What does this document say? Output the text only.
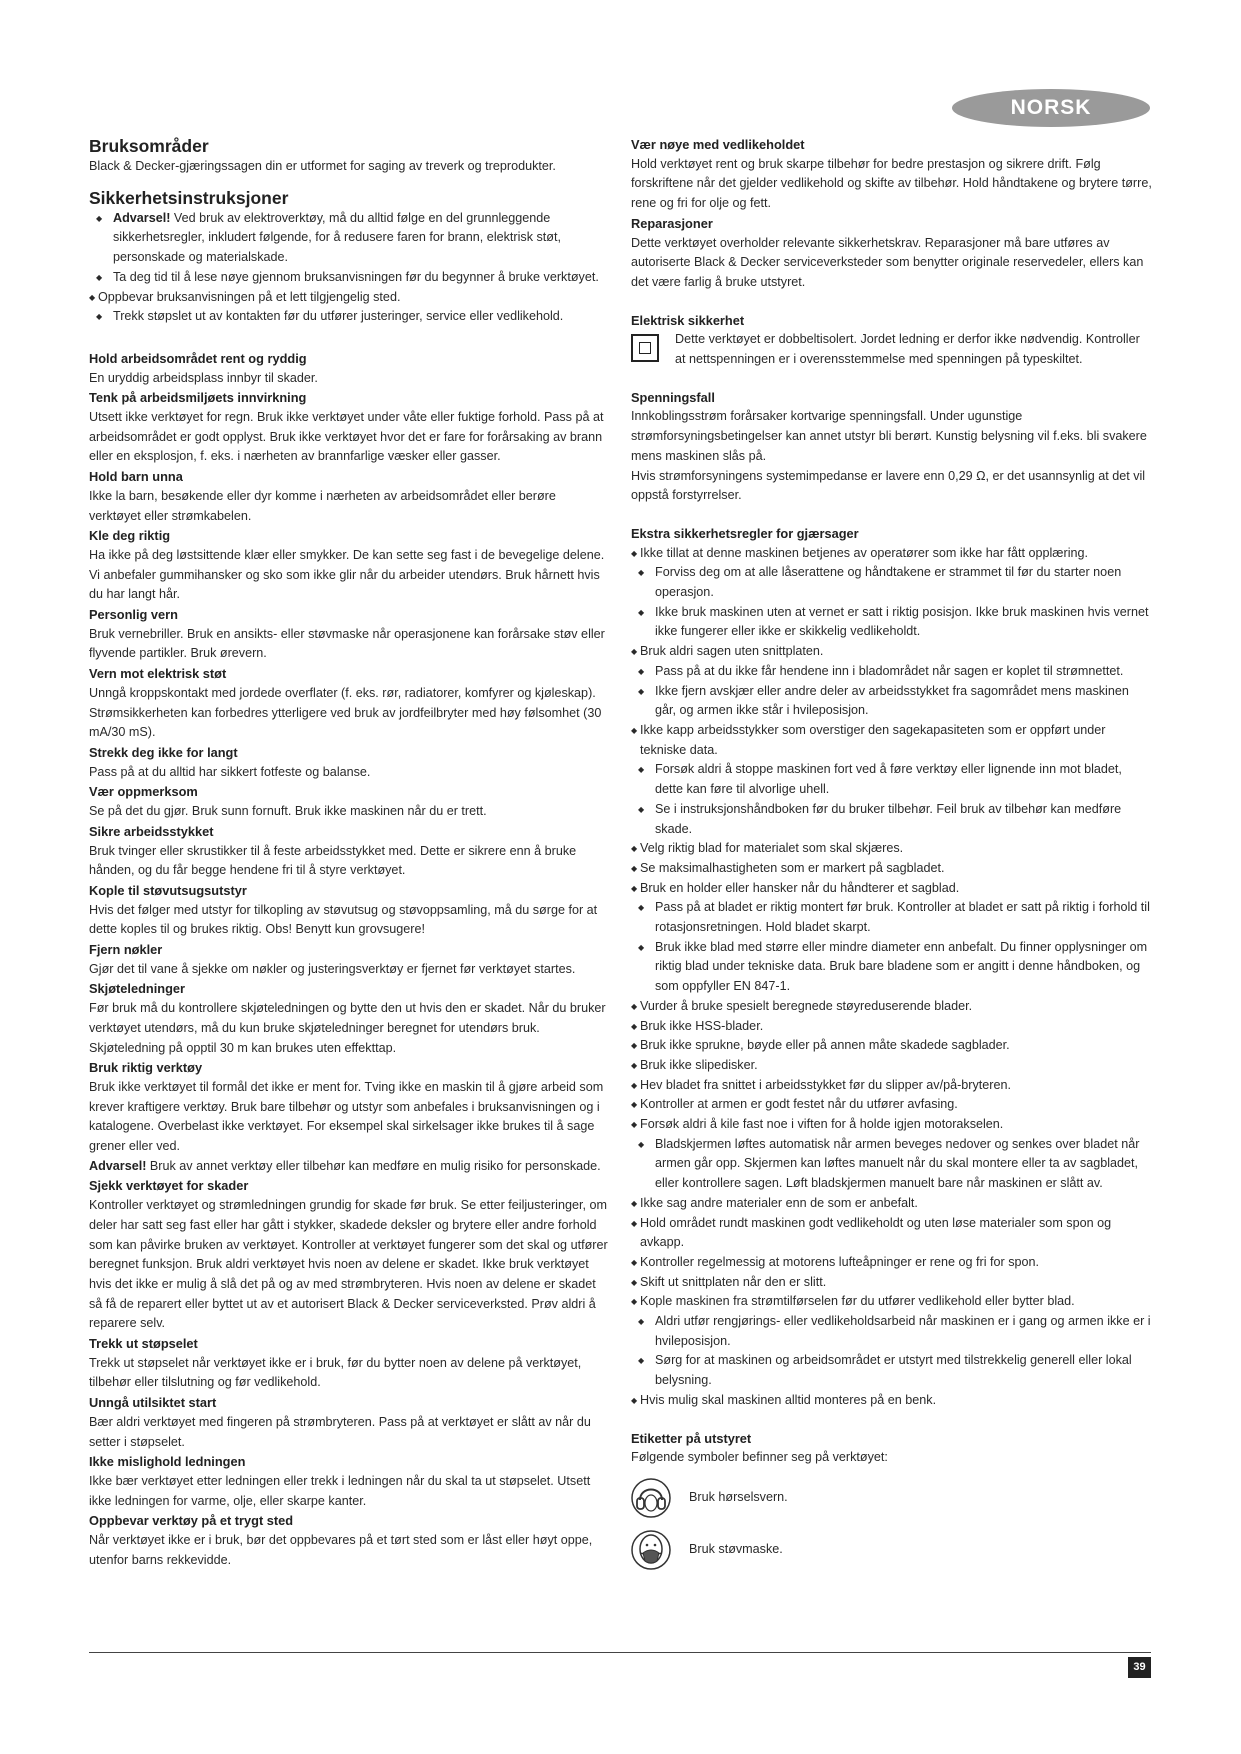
NORSK
Bruksområder

Black & Decker-gjæringssagen din er utformet for saging av treverk og treprodukter.

Sikkerhetsinstruksjoner
◆ Advarsel! Ved bruk av elektroverktøy, må du alltid følge en del grunnleggende sikkerhetsregler, inkludert følgende, for å redusere faren for brann, elektrisk støt, personskade og materialskade.
◆ Ta deg tid til å lese nøye gjennom bruksanvisningen før du begynner å bruke verktøyet.
◆ Oppbevar bruksanvisningen på et lett tilgjengelig sted.
◆ Trekk støpslet ut av kontakten før du utfører justeringer, service eller vedlikehold.
Hold arbeidsområdet rent og ryddig

En uryddig arbeidsplass innbyr til skader.

Tenk på arbeidsmiljøets innvirkning

Utsett ikke verktøyet for regn. Bruk ikke verktøyet under våte eller fuktige forhold. Pass på at arbeidsområdet er godt opplyst. Bruk ikke verktøyet hvor det er fare for forårsaking av brann eller en eksplosjon, f. eks. i nærheten av brannfarlige væsker eller gasser.

Hold barn unna

Ikke la barn, besøkende eller dyr komme i nærheten av arbeidsområdet eller berøre verktøyet eller strømkabelen.

Kle deg riktig

Ha ikke på deg løstsittende klær eller smykker. De kan sette seg fast i de bevegelige delene. Vi anbefaler gummihansker og sko som ikke glir når du arbeider utendørs. Bruk hårnett hvis du har langt hår.

Personlig vern

Bruk vernebriller. Bruk en ansikts- eller støvmaske når operasjonene kan forårsake støv eller flyvende partikler. Bruk ørevern.

Vern mot elektrisk støt

Unngå kroppskontakt med jordede overflater (f. eks. rør, radiatorer, komfyrer og kjøleskap). Strømsikkerheten kan forbedres ytterligere ved bruk av jordfeilbryter med høy følsomhet (30 mA/30 mS).

Strekk deg ikke for langt

Pass på at du alltid har sikkert fotfeste og balanse.

Vær oppmerksom

Se på det du gjør. Bruk sunn fornuft. Bruk ikke maskinen når du er trett.

Sikre arbeidsstykket

Bruk tvinger eller skrustikker til å feste arbeidsstykket med. Dette er sikrere enn å bruke hånden, og du får begge hendene fri til å styre verktøyet.

Kople til støvutsugsutstyr

Hvis det følger med utstyr for tilkopling av støvutsug og støvoppsamling, må du sørge for at dette koples til og brukes riktig. Obs! Benytt kun grovsugere!

Fjern nøkler

Gjør det til vane å sjekke om nøkler og justeringsverktøy er fjernet før verktøyet startes.

Skjøteledninger

Før bruk må du kontrollere skjøteledningen og bytte den ut hvis den er skadet. Når du bruker verktøyet utendørs, må du kun bruke skjøteledninger beregnet for utendørs bruk. Skjøteledning på opptil 30 m kan brukes uten effekttap.

Bruk riktig verktøy

Bruk ikke verktøyet til formål det ikke er ment for. Tving ikke en maskin til å gjøre arbeid som krever kraftigere verktøy. Bruk bare tilbehør og utstyr som anbefales i bruksanvisningen og i katalogene. Overbelast ikke verktøyet. For eksempel skal sirkelsager ikke brukes til å sage grener eller ved.

Advarsel! Bruk av annet verktøy eller tilbehør kan medføre en mulig risiko for personskade.

Sjekk verktøyet for skader

Kontroller verktøyet og strømledningen grundig for skade før bruk. Se etter feiljusteringer, om deler har satt seg fast eller har gått i stykker, skadede deksler og brytere eller andre forhold som kan påvirke bruken av verktøyet. Kontroller at verktøyet fungerer som det skal og utfører beregnet funksjon. Bruk aldri verktøyet hvis noen av delene er skadet. Ikke bruk verktøyet hvis det ikke er mulig å slå det på og av med strømbryteren. Hvis noen av delene er skadet så få de reparert eller byttet ut av et autorisert Black & Decker serviceverksted. Prøv aldri å reparere selv.

Trekk ut støpselet

Trekk ut støpselet når verktøyet ikke er i bruk, før du bytter noen av delene på verktøyet, tilbehør eller tilslutning og før vedlikehold.

Unngå utilsiktet start

Bær aldri verktøyet med fingeren på strømbryteren. Pass på at verktøyet er slått av når du setter i støpselet.

Ikke mislighold ledningen

Ikke bær verktøyet etter ledningen eller trekk i ledningen når du skal ta ut støpselet. Utsett ikke ledningen for varme, olje, eller skarpe kanter.

Oppbevar verktøy på et trygt sted

Når verktøyet ikke er i bruk, bør det oppbevares på et tørt sted som er låst eller høyt oppe, utenfor barns rekkevidde.

Vær nøye med vedlikeholdet

Hold verktøyet rent og bruk skarpe tilbehør for bedre prestasjon og sikrere drift. Følg forskriftene når det gjelder vedlikehold og skifte av tilbehør. Hold håndtakene og brytere tørre, rene og fri for olje og fett.

Reparasjoner

Dette verktøyet overholder relevante sikkerhetskrav. Reparasjoner må bare utføres av autoriserte Black & Decker serviceverksteder som benytter originale reservedeler, ellers kan det være farlig å bruke utstyret.

Elektrisk sikkerhet

Dette verktøyet er dobbeltisolert. Jordet ledning er derfor ikke nødvendig. Kontroller at nettspenningen er i overensstemmelse med spenningen på typeskiltet.

Spenningsfall

Innkoblingsstrøm forårsaker kortvarige spenningsfall. Under ugunstige strømforsyningsbetingelser kan annet utstyr bli berørt. Kunstig belysning vil f.eks. bli svakere mens maskinen slås på.

Hvis strømforsyningens systemimpedanse er lavere enn 0,29 Ω, er det usannsynlig at det vil oppstå forstyrrelser.

Ekstra sikkerhetsregler for gjærsager
◆ Ikke tillat at denne maskinen betjenes av operatører som ikke har fått opplæring.
◆ Forviss deg om at alle låserattene og håndtakene er strammet til før du starter noen operasjon.
◆ Ikke bruk maskinen uten at vernet er satt i riktig posisjon. Ikke bruk maskinen hvis vernet ikke fungerer eller ikke er skikkelig vedlikeholdt.
◆ Bruk aldri sagen uten snittplaten.
◆ Pass på at du ikke får hendene inn i bladområdet når sagen er koplet til strømnettet.
◆ Ikke fjern avskjær eller andre deler av arbeidsstykket fra sagområdet mens maskinen går, og armen ikke står i hvileposisjon.
◆ Ikke kapp arbeidsstykker som overstiger den sagekapasiteten som er oppført under tekniske data.
◆ Forsøk aldri å stoppe maskinen fort ved å føre verktøy eller lignende inn mot bladet, dette kan føre til alvorlige uhell.
◆ Se i instruksjonshåndboken før du bruker tilbehør. Feil bruk av tilbehør kan medføre skade.
◆ Velg riktig blad for materialet som skal skjæres.
◆ Se maksimalhastigheten som er markert på sagbladet.
◆ Bruk en holder eller hansker når du håndterer et sagblad.
◆ Pass på at bladet er riktig montert før bruk. Kontroller at bladet er satt på riktig i forhold til rotasjonsretningen. Hold bladet skarpt.
◆ Bruk ikke blad med større eller mindre diameter enn anbefalt. Du finner opplysninger om riktig blad under tekniske data. Bruk bare bladene som er angitt i denne håndboken, og som oppfyller EN 847-1.
◆ Vurder å bruke spesielt beregnede støyreduserende blader.
◆ Bruk ikke HSS-blader.
◆ Bruk ikke sprukne, bøyde eller på annen måte skadede sagblader.
◆ Bruk ikke slipedisker.
◆ Hev bladet fra snittet i arbeidsstykket før du slipper av/på-bryteren.
◆ Kontroller at armen er godt festet når du utfører avfasing.
◆ Forsøk aldri å kile fast noe i viften for å holde igjen motorakselen.
◆ Bladskjermen løftes automatisk når armen beveges nedover og senkes over bladet når armen går opp. Skjermen kan løftes manuelt når du skal montere eller ta av sagbladet, eller kontrollere sagen. Løft bladskjermen manuelt bare når maskinen er slått av.
◆ Ikke sag andre materialer enn de som er anbefalt.
◆ Hold området rundt maskinen godt vedlikeholdt og uten løse materialer som spon og avkapp.
◆ Kontroller regelmessig at motorens lufteåpninger er rene og fri for spon.
◆ Skift ut snittplaten når den er slitt.
◆ Kople maskinen fra strømtilførselen før du utfører vedlikehold eller bytter blad.
◆ Aldri utfør rengjørings- eller vedlikeholdsarbeid når maskinen er i gang og armen ikke er i hvileposisjon.
◆ Sørg for at maskinen og arbeidsområdet er utstyrt med tilstrekkelig generell eller lokal belysning.
◆ Hvis mulig skal maskinen alltid monteres på en benk.
Etiketter på utstyret

Følgende symboler befinner seg på verktøyet:

Bruk hørselsvern.
Bruk støvmaske.
39
